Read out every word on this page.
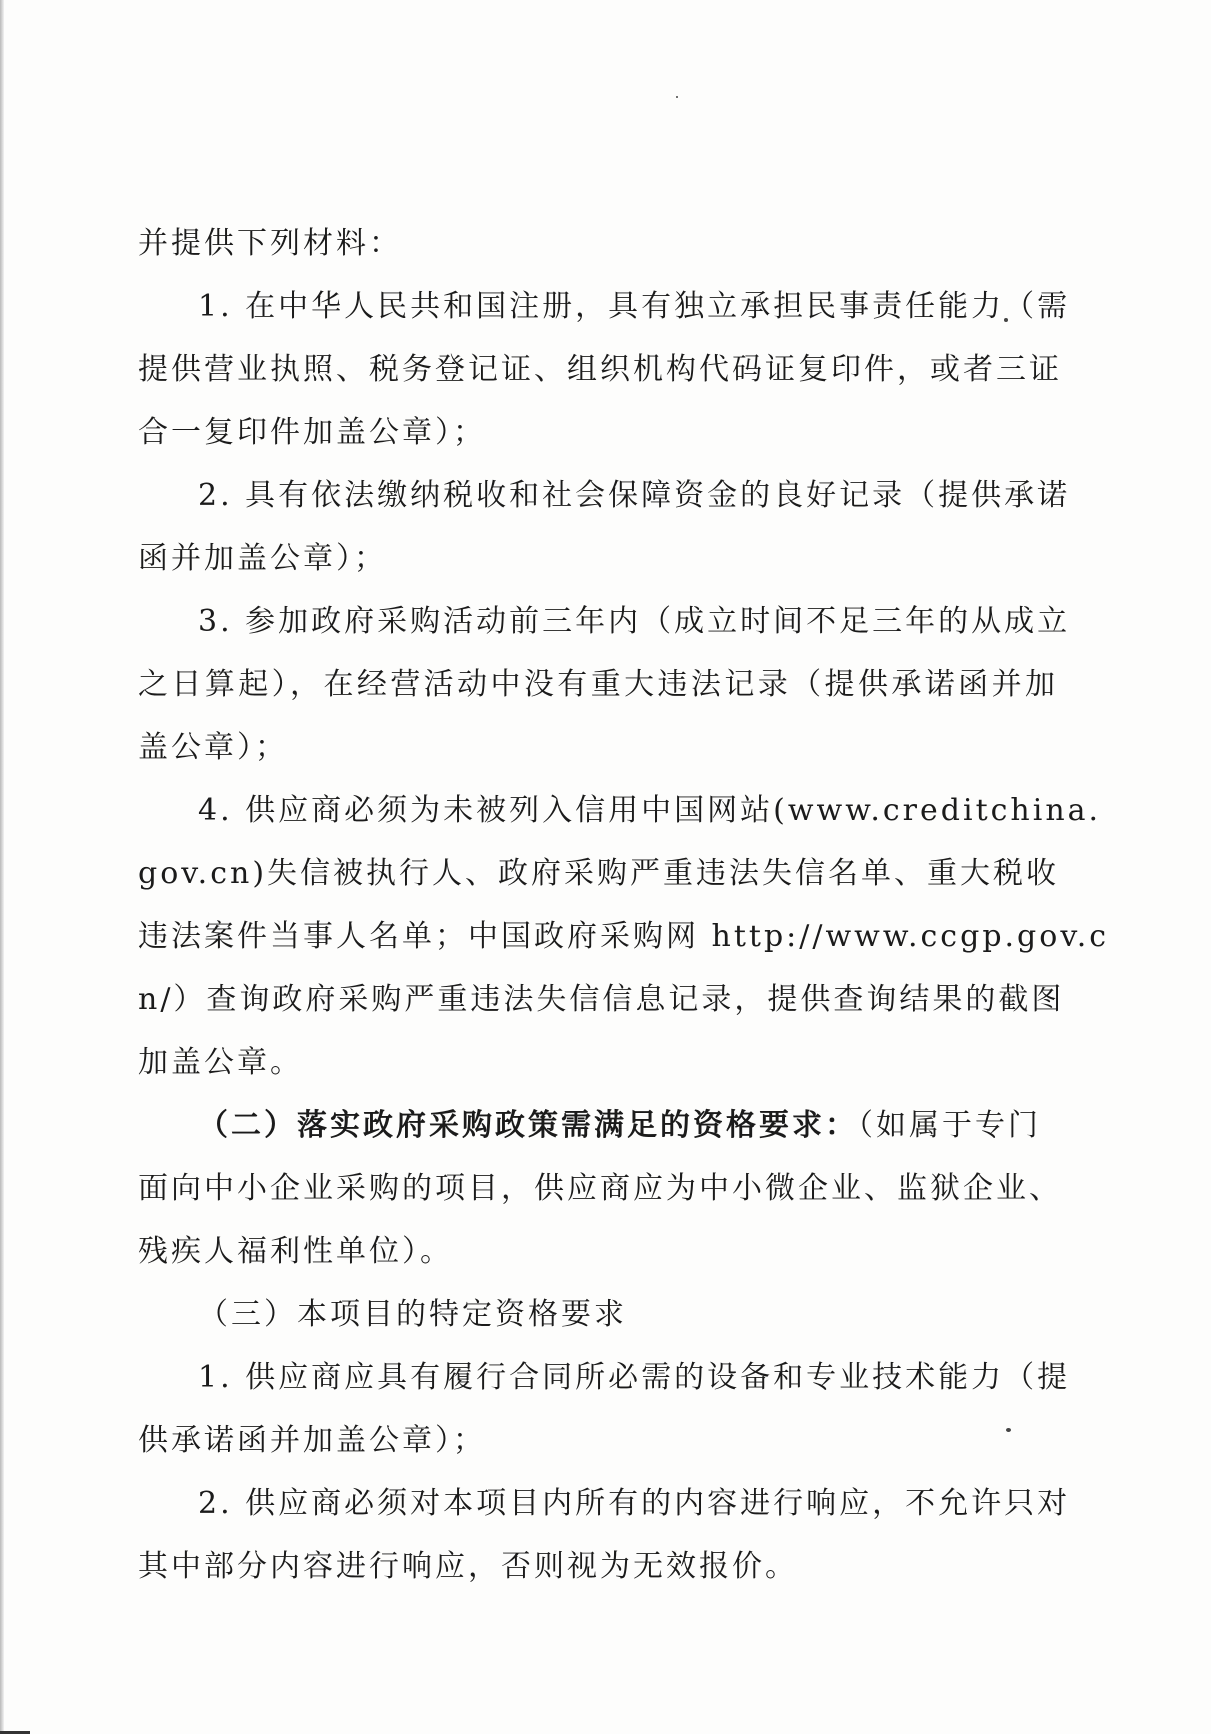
并提供下列材料：
1. 在中华人民共和国注册，具有独立承担民事责任能力（需
提供营业执照、税务登记证、组织机构代码证复印件，或者三证
合一复印件加盖公章）；
2. 具有依法缴纳税收和社会保障资金的良好记录（提供承诺
函并加盖公章）；
3. 参加政府采购活动前三年内（成立时间不足三年的从成立
之日算起），在经营活动中没有重大违法记录（提供承诺函并加
盖公章）；
4. 供应商必须为未被列入信用中国网站(www.creditchina.
gov.cn)失信被执行人、政府采购严重违法失信名单、重大税收
违法案件当事人名单；中国政府采购网 http://www.ccgp.gov.c
n/）查询政府采购严重违法失信信息记录，提供查询结果的截图
加盖公章。
（二）落实政府采购政策需满足的资格要求：（如属于专门
面向中小企业采购的项目，供应商应为中小微企业、监狱企业、
残疾人福利性单位）。
（三）本项目的特定资格要求
1. 供应商应具有履行合同所必需的设备和专业技术能力（提
供承诺函并加盖公章）；
2. 供应商必须对本项目内所有的内容进行响应，不允许只对
其中部分内容进行响应，否则视为无效报价。
